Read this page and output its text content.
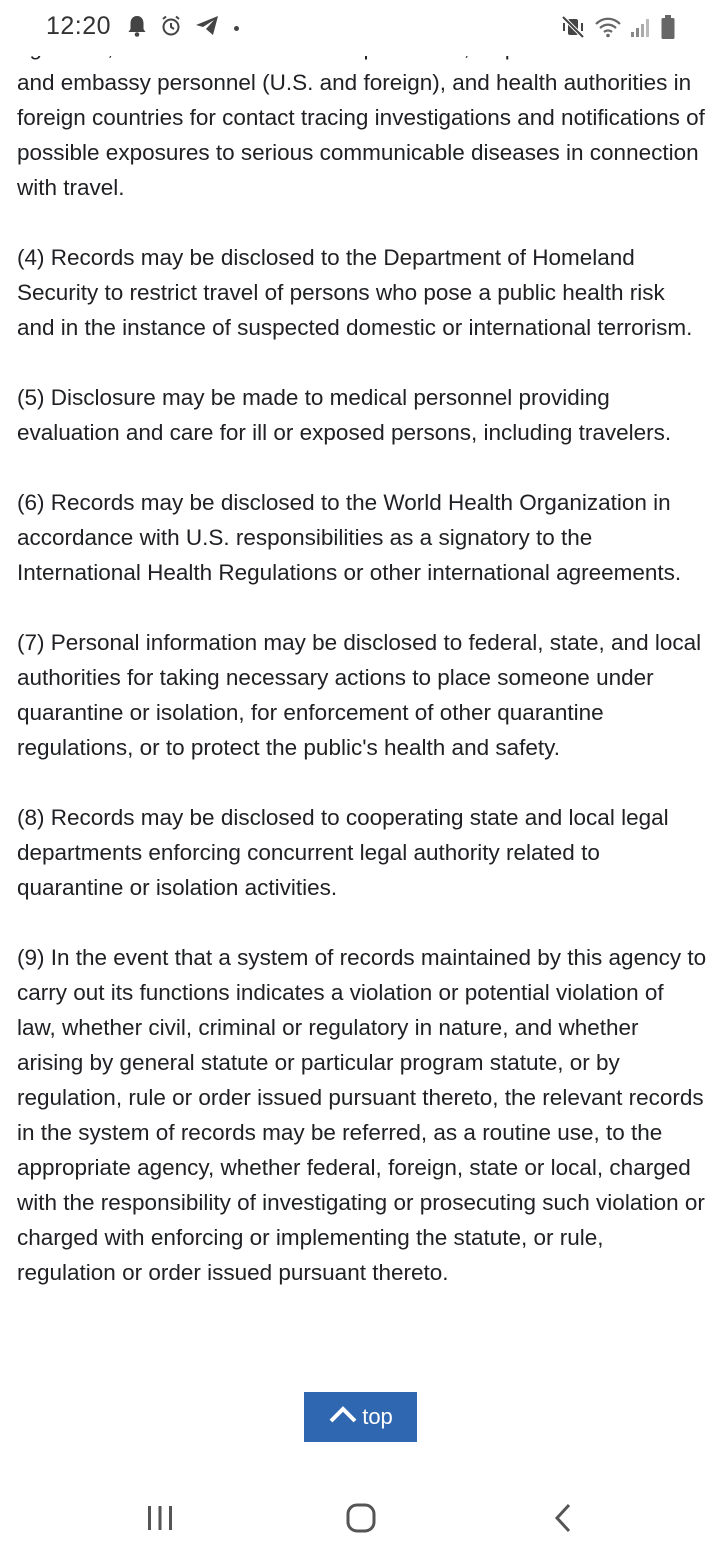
12:20

and embassy personnel (U.S. and foreign), and health authorities in foreign countries for contact tracing investigations and notifications of possible exposures to serious communicable diseases in connection with travel.

(4) Records may be disclosed to the Department of Homeland Security to restrict travel of persons who pose a public health risk and in the instance of suspected domestic or international terrorism.

(5) Disclosure may be made to medical personnel providing evaluation and care for ill or exposed persons, including travelers.

(6) Records may be disclosed to the World Health Organization in accordance with U.S. responsibilities as a signatory to the International Health Regulations or other international agreements.

(7) Personal information may be disclosed to federal, state, and local authorities for taking necessary actions to place someone under quarantine or isolation, for enforcement of other quarantine regulations, or to protect the public's health and safety.

(8) Records may be disclosed to cooperating state and local legal departments enforcing concurrent legal authority related to quarantine or isolation activities.

(9) In the event that a system of records maintained by this agency to carry out its functions indicates a violation or potential violation of law, whether civil, criminal or regulatory in nature, and whether arising by general statute or particular program statute, or by regulation, rule or order issued pursuant thereto, the relevant records in the system of records may be referred, as a routine use, to the appropriate agency, whether federal, foreign, state or local, charged with the responsibility of investigating or prosecuting such violation or charged with enforcing or implementing the statute, or rule, regulation or order issued pursuant thereto.

top
